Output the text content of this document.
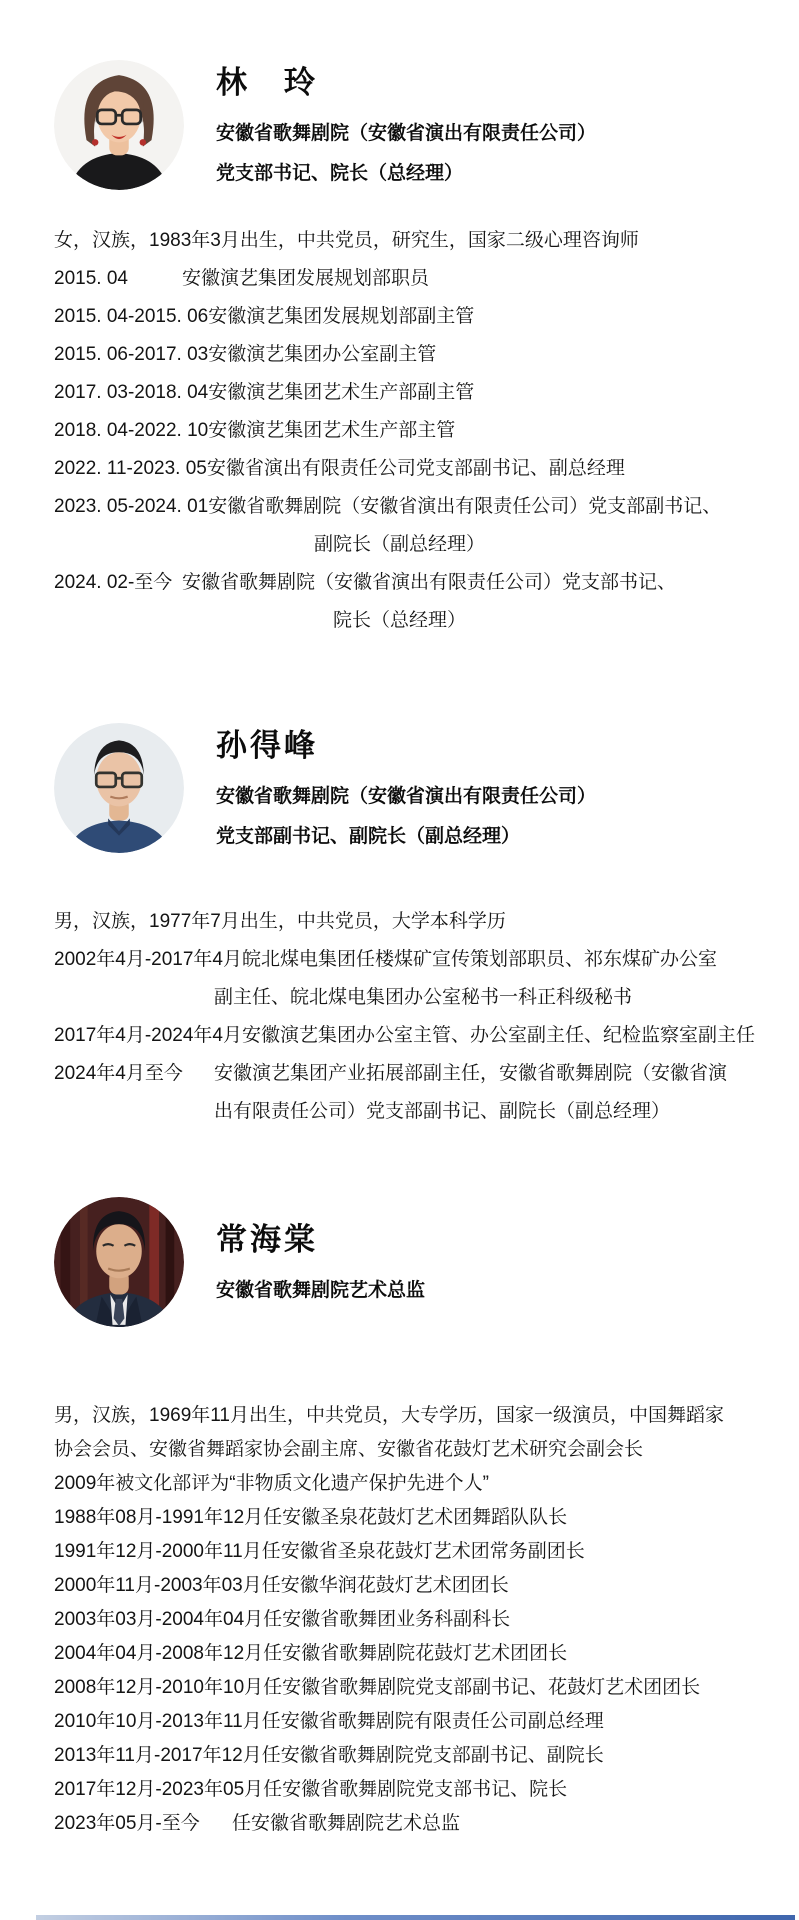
林　玲

安徽省歌舞剧院（安徽省演出有限责任公司）

党支部书记、院长（总经理）

女，汉族，1983年3月出生，中共党员，研究生，国家二级心理咨询师
2015. 04	安徽演艺集团发展规划部职员
2015. 04-2015. 06 安徽演艺集团发展规划部副主管
2015. 06-2017. 03 安徽演艺集团办公室副主管
2017. 03-2018. 04 安徽演艺集团艺术生产部副主管
2018. 04-2022. 10 安徽演艺集团艺术生产部主管
2022. 11-2023. 05 安徽省演出有限责任公司党支部副书记、副总经理
2023. 05-2024. 01 安徽省歌舞剧院（安徽省演出有限责任公司）党支部副书记、
副院长（副总经理）
2024. 02-至今 安徽省歌舞剧院（安徽省演出有限责任公司）党支部书记、
院长（总经理）
孙得峰

安徽省歌舞剧院（安徽省演出有限责任公司）

党支部副书记、副院长（副总经理）

男，汉族，1977年7月出生，中共党员，大学本科学历
2002年4月-2017年4月 皖北煤电集团任楼煤矿宣传策划部职员、祁东煤矿办公室
副主任、皖北煤电集团办公室秘书一科正科级秘书
2017年4月-2024年4月 安徽演艺集团办公室主管、办公室副主任、纪检监察室副主任
2024年4月至今	安徽演艺集团产业拓展部副主任，安徽省歌舞剧院（安徽省演
出有限责任公司）党支部副书记、副院长（副总经理）
常海棠

安徽省歌舞剧院艺术总监

男，汉族，1969年11月出生，中共党员，大专学历，国家一级演员，中国舞蹈家
协会会员、安徽省舞蹈家协会副主席、安徽省花鼓灯艺术研究会副会长
2009年被文化部评为“非物质文化遗产保护先进个人”
1988年08月-1991年12月 任安徽圣泉花鼓灯艺术团舞蹈队队长
1991年12月-2000年11月 任安徽省圣泉花鼓灯艺术团常务副团长
2000年11月-2003年03月 任安徽华润花鼓灯艺术团团长
2003年03月-2004年04月 任安徽省歌舞团业务科副科长
2004年04月-2008年12月 任安徽省歌舞剧院花鼓灯艺术团团长
2008年12月-2010年10月 任安徽省歌舞剧院党支部副书记、花鼓灯艺术团团长
2010年10月-2013年11月 任安徽省歌舞剧院有限责任公司副总经理
2013年11月-2017年12月 任安徽省歌舞剧院党支部副书记、副院长
2017年12月-2023年05月 任安徽省歌舞剧院党支部书记、院长
2023年05月-至今	任安徽省歌舞剧院艺术总监
